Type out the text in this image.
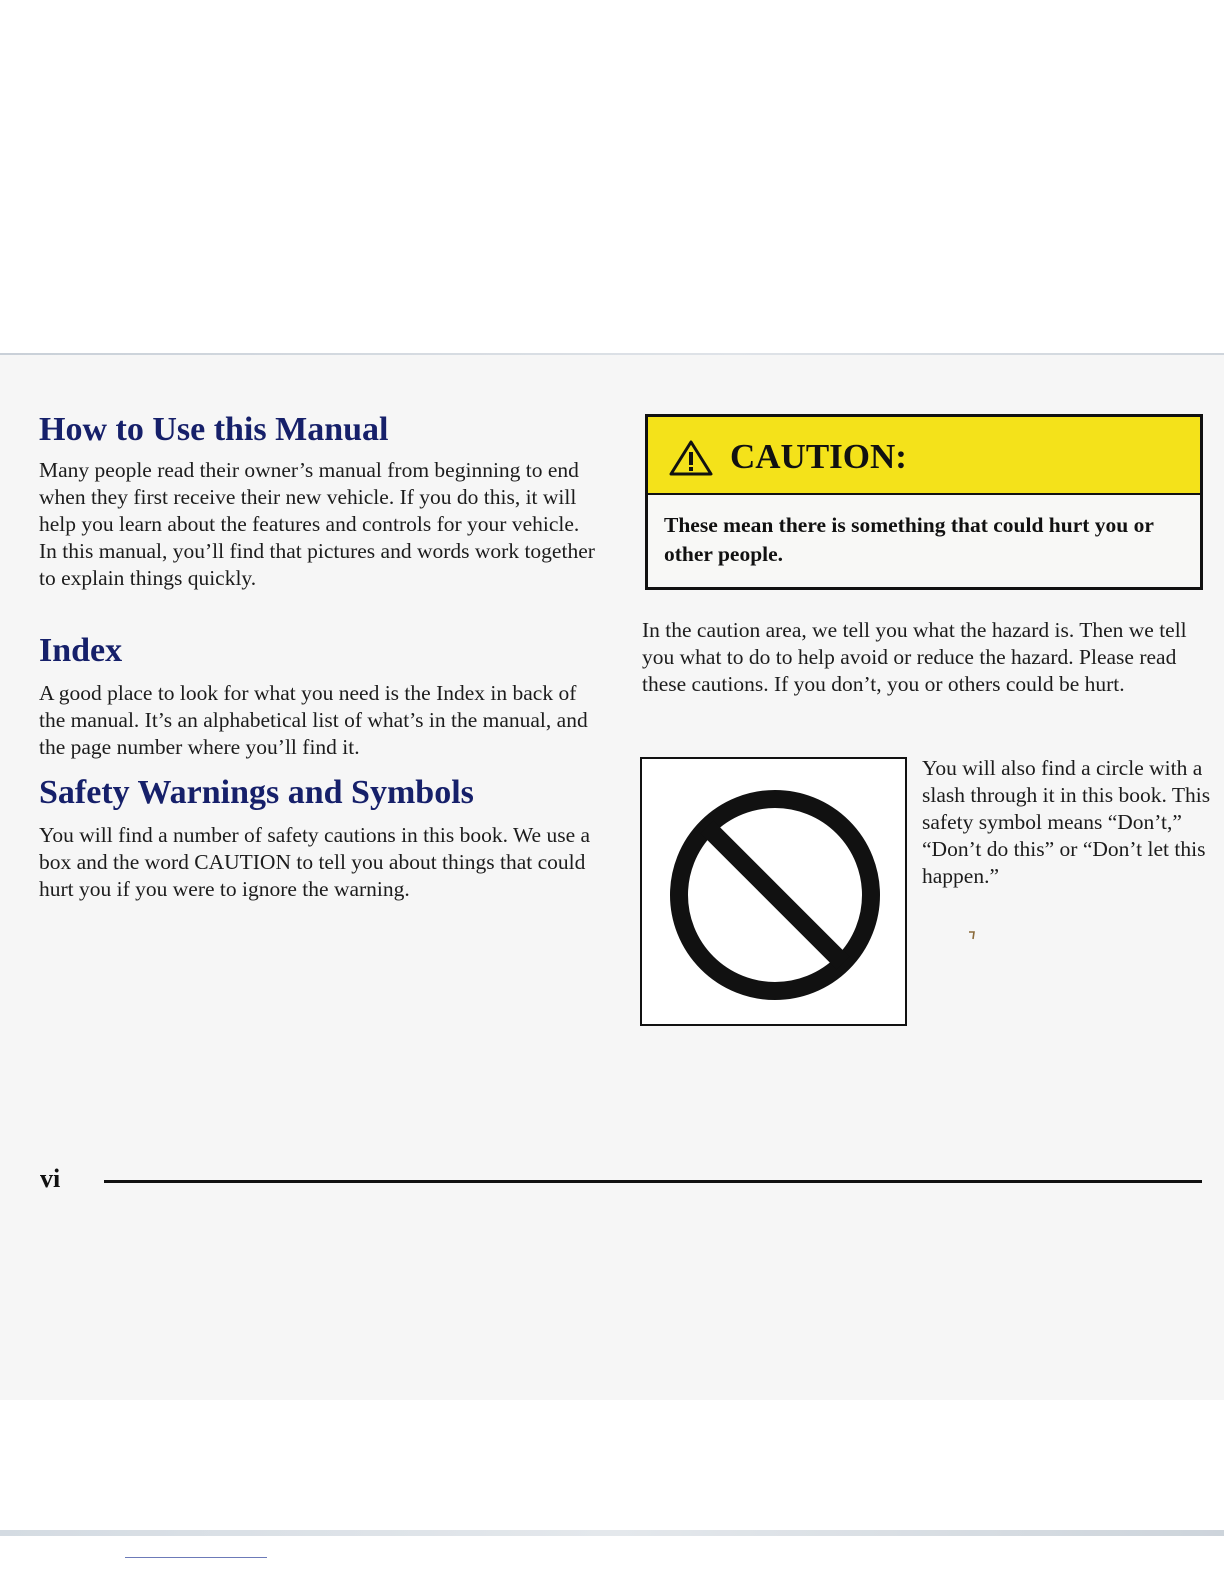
How to Use this Manual

Many people read their owner’s manual from beginning to end when they first receive their new vehicle. If you do this, it will help you learn about the features and controls for your vehicle. In this manual, you’ll find that pictures and words work together to explain things quickly.

Index

A good place to look for what you need is the Index in back of the manual. It’s an alphabetical list of what’s in the manual, and the page number where you’ll find it.

Safety Warnings and Symbols

You will find a number of safety cautions in this book. We use a box and the word CAUTION to tell you about things that could hurt you if you were to ignore the warning.

CAUTION:

These mean there is something that could hurt you or other people.

In the caution area, we tell you what the hazard is. Then we tell you what to do to help avoid or reduce the hazard. Please read these cautions. If you don’t, you or others could be hurt.

You will also find a circle with a slash through it in this book. This safety symbol means “Don’t,” “Don’t do this” or “Don’t let this happen.”

vi
